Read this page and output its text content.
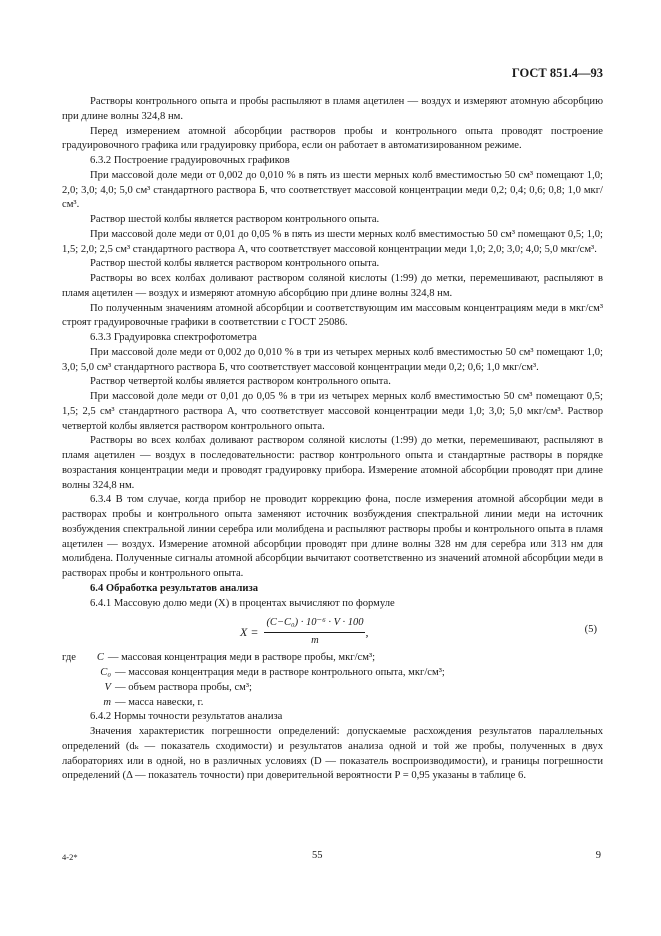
ГОСТ 851.4—93

Растворы контрольного опыта и пробы распыляют в пламя ацетилен — воздух и измеряют атомную абсорбцию при длине волны 324,8 нм.

Перед измерением атомной абсорбции растворов пробы и контрольного опыта проводят построение градуировочного графика или градуировку прибора, если он работает в автоматизированном режиме.

6.3.2 Построение градуировочных графиков

При массовой доле меди от 0,002 до 0,010 % в пять из шести мерных колб вместимостью 50 см³ помещают 1,0; 2,0; 3,0; 4,0; 5,0 см³ стандартного раствора Б, что соответствует массовой концентрации меди 0,2; 0,4; 0,6; 0,8; 1,0 мкг/см³.

Раствор шестой колбы является раствором контрольного опыта.

При массовой доле меди от 0,01 до 0,05 % в пять из шести мерных колб вместимостью 50 см³ помещают 0,5; 1,0; 1,5; 2,0; 2,5 см³ стандартного раствора А, что соответствует массовой концентрации меди 1,0; 2,0; 3,0; 4,0; 5,0 мкг/см³.

Раствор шестой колбы является раствором контрольного опыта.

Растворы во всех колбах доливают раствором соляной кислоты (1:99) до метки, перемешивают, распыляют в пламя ацетилен — воздух и измеряют атомную абсорбцию при длине волны 324,8 нм.

По полученным значениям атомной абсорбции и соответствующим им массовым концентрациям меди в мкг/см³ строят градуировочные графики в соответствии с ГОСТ 25086.

6.3.3 Градуировка спектрофотометра

При массовой доле меди от 0,002 до 0,010 % в три из четырех мерных колб вместимостью 50 см³ помещают 1,0; 3,0; 5,0 см³ стандартного раствора Б, что соответствует массовой концентрации меди 0,2; 0,6; 1,0 мкг/см³.

Раствор четвертой колбы является раствором контрольного опыта.

При массовой доле меди от 0,01 до 0,05 % в три из четырех мерных колб вместимостью 50 см³ помещают 0,5; 1,5; 2,5 см³ стандартного раствора А, что соответствует массовой концентрации меди 1,0; 3,0; 5,0 мкг/см³. Раствор четвертой колбы является раствором контрольного опыта.

Растворы во всех колбах доливают раствором соляной кислоты (1:99) до метки, перемешивают, распыляют в пламя ацетилен — воздух в последовательности: раствор контрольного опыта и стандартные растворы в порядке возрастания концентрации меди и проводят градуировку прибора. Измерение атомной абсорбции проводят при длине волны 324,8 нм.

6.3.4 В том случае, когда прибор не проводит коррекцию фона, после измерения атомной абсорбции меди в растворах пробы и контрольного опыта заменяют источник возбуждения спектральной линии меди на источник возбуждения спектральной линии серебра или молибдена и распыляют растворы пробы и контрольного опыта в пламя ацетилен — воздух. Измерение атомной абсорбции проводят при длине волны 328 нм для серебра или 313 нм для молибдена. Полученные сигналы атомной абсорбции вычитают соответственно из значений атомной абсорбции меди в растворах пробы и контрольного опыта.

6.4 Обработка результатов анализа

6.4.1 Массовую долю меди (X) в процентах вычисляют по формуле

$X = \frac{\text{(C−C₀) · 10⁻⁶ · V · 100}}{m}$ ,	(5)
где	C — массовая концентрация меди в растворе пробы, мкг/см³;
C₀ — массовая концентрация меди в растворе контрольного опыта, мкг/см³;
V — объем раствора пробы, см³;
m — масса навески, г.

6.4.2 Нормы точности результатов анализа

Значения характеристик погрешности определений: допускаемые расхождения результатов параллельных определений (dₖ — показатель сходимости) и результатов анализа одной и той же пробы, полученных в двух лабораториях или в одной, но в различных условиях (D — показатель воспроизводимости), и границы погрешности определений (Δ — показатель точности) при доверительной вероятности P = 0,95 указаны в таблице 6.

4-2*	55	9
